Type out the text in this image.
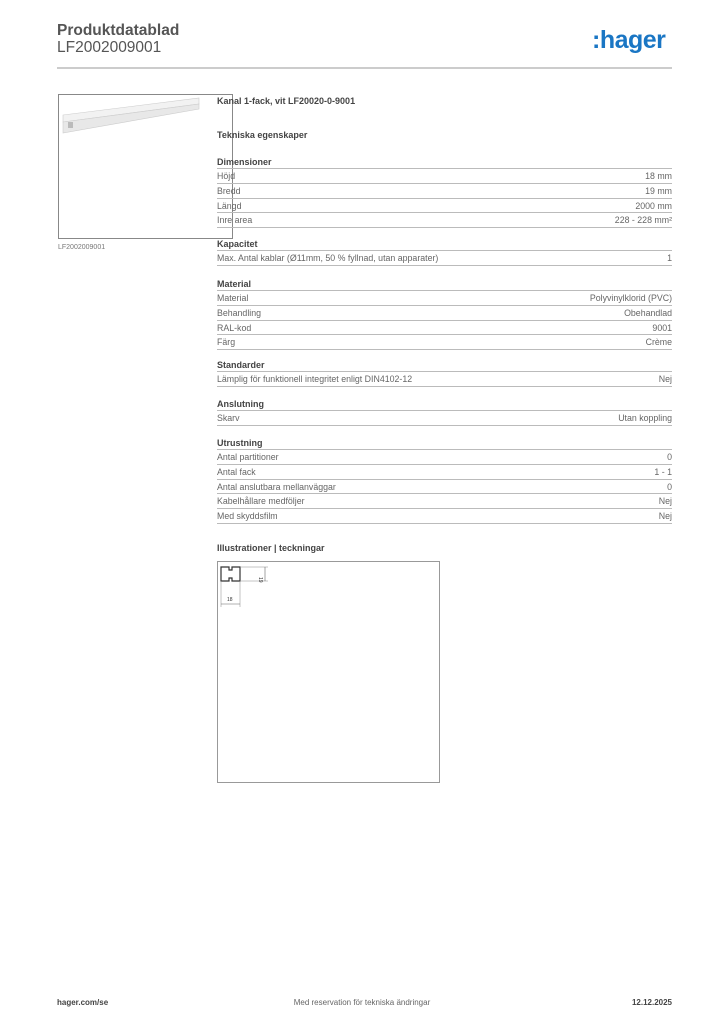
Produktdatablad
LF2002009001	:hager
LF2002009001
Kanal 1-fack, vit LF20020-0-9001
Tekniska egenskaper
Dimensioner
Höjd	18 mm
Bredd	19 mm
Längd	2000 mm
Inre area	228 - 228 mm²
Kapacitet
Max. Antal kablar (Ø11mm, 50 % fyllnad, utan apparater)	1
Material
Material	Polyvinylklorid (PVC)
Behandling	Obehandlad
RAL-kod	9001
Färg	Crème
Standarder
Lämplig för funktionell integritet enligt DIN4102-12	Nej
Anslutning
Skarv	Utan koppling
Utrustning
Antal partitioner	0
Antal fack	1 - 1
Antal anslutbara mellanväggar	0
Kabelhållare medföljer	Nej
Med skyddsfilm	Nej
Illustrationer | teckningar
19
18
hager.com/se	Med reservation för tekniska ändringar	12.12.2025
